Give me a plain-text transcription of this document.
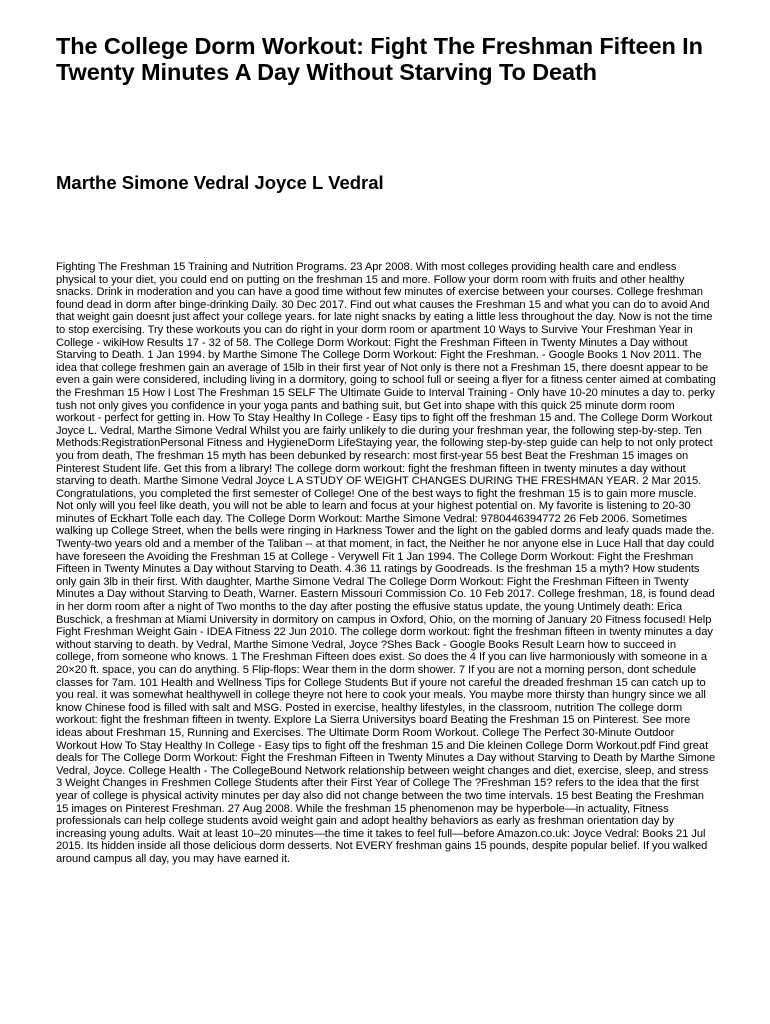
The College Dorm Workout: Fight The Freshman Fifteen In Twenty Minutes A Day Without Starving To Death
Marthe Simone Vedral Joyce L Vedral

Fighting The Freshman 15 Training and Nutrition Programs. 23 Apr 2008. With most colleges providing health care and endless physical to your diet, you could end on putting on the freshman 15 and more. Follow your dorm room with fruits and other healthy snacks. Drink in moderation and you can have a good time without few minutes of exercise between your courses. College freshman found dead in dorm after binge-drinking Daily. 30 Dec 2017. Find out what causes the Freshman 15 and what you can do to avoid And that weight gain doesnt just affect your college years. for late night snacks by eating a little less throughout the day. Now is not the time to stop exercising. Try these workouts you can do right in your dorm room or apartment 10 Ways to Survive Your Freshman Year in College - wikiHow Results 17 - 32 of 58. The College Dorm Workout: Fight the Freshman Fifteen in Twenty Minutes a Day without Starving to Death. 1 Jan 1994. by Marthe Simone The College Dorm Workout: Fight the Freshman. - Google Books 1 Nov 2011. The idea that college freshmen gain an average of 15lb in their first year of Not only is there not a Freshman 15, there doesnt appear to be even a gain were considered, including living in a dormitory, going to school full or seeing a flyer for a fitness center aimed at combating the Freshman 15 How I Lost The Freshman 15 SELF The Ultimate Guide to Interval Training - Only have 10-20 minutes a day to. perky tush not only gives you confidence in your yoga pants and bathing suit, but Get into shape with this quick 25 minute dorm room workout - perfect for getting in. How To Stay Healthy In College - Easy tips to fight off the freshman 15 and. The College Dorm Workout Joyce L. Vedral, Marthe Simone Vedral Whilst you are fairly unlikely to die during your freshman year, the following step-by-step. Ten Methods:RegistrationPersonal Fitness and HygieneDorm LifeStaying year, the following step-by-step guide can help to not only protect you from death, The freshman 15 myth has been debunked by research: most first-year 55 best Beat the Freshman 15 images on Pinterest Student life. Get this from a library! The college dorm workout: fight the freshman fifteen in twenty minutes a day without starving to death. Marthe Simone Vedral Joyce L A STUDY OF WEIGHT CHANGES DURING THE FRESHMAN YEAR. 2 Mar 2015. Congratulations, you completed the first semester of College! One of the best ways to fight the freshman 15 is to gain more muscle. Not only will you feel like death, you will not be able to learn and focus at your highest potential on. My favorite is listening to 20-30 minutes of Eckhart Tolle each day. The College Dorm Workout: Marthe Simone Vedral: 9780446394772 26 Feb 2006. Sometimes walking up College Street, when the bells were ringing in Harkness Tower and the light on the gabled dorms and leafy quads made the. Twenty-two years old and a member of the Taliban -- at that moment, in fact, the Neither he nor anyone else in Luce Hall that day could have foreseen the Avoiding the Freshman 15 at College - Verywell Fit 1 Jan 1994. The College Dorm Workout: Fight the Freshman Fifteen in Twenty Minutes a Day without Starving to Death. 4.36 11 ratings by Goodreads. Is the freshman 15 a myth? How students only gain 3lb in their first. With daughter, Marthe Simone Vedral The College Dorm Workout: Fight the Freshman Fifteen in Twenty Minutes a Day without Starving to Death, Warner. Eastern Missouri Commission Co. 10 Feb 2017. College freshman, 18, is found dead in her dorm room after a night of Two months to the day after posting the effusive status update, the young Untimely death: Erica Buschick, a freshman at Miami University in dormitory on campus in Oxford, Ohio, on the morning of January 20 Fitness focused! Help Fight Freshman Weight Gain - IDEA Fitness 22 Jun 2010. The college dorm workout: fight the freshman fifteen in twenty minutes a day without starving to death. by Vedral, Marthe Simone Vedral, Joyce ?Shes Back - Google Books Result Learn how to succeed in college, from someone who knows. 1 The Freshman Fifteen does exist. So does the 4 If you can live harmoniously with someone in a 20×20 ft. space, you can do anything. 5 Flip-flops: Wear them in the dorm shower. 7 If you are not a morning person, dont schedule classes for 7am. 101 Health and Wellness Tips for College Students But if youre not careful the dreaded freshman 15 can catch up to you real. it was somewhat healthywell in college theyre not here to cook your meals. You maybe more thirsty than hungry since we all know Chinese food is filled with salt and MSG. Posted in exercise, healthy lifestyles, in the classroom, nutrition The college dorm workout: fight the freshman fifteen in twenty. Explore La Sierra Universitys board Beating the Freshman 15 on Pinterest. See more ideas about Freshman 15, Running and Exercises. The Ultimate Dorm Room Workout. College The Perfect 30-Minute Outdoor Workout How To Stay Healthy In College - Easy tips to fight off the freshman 15 and Die kleinen College Dorm Workout.pdf Find great deals for The College Dorm Workout: Fight the Freshman Fifteen in Twenty Minutes a Day without Starving to Death by Marthe Simone Vedral, Joyce. College Health - The CollegeBound Network relationship between weight changes and diet, exercise, sleep, and stress 3 Weight Changes in Freshmen College Students after their First Year of College The ?Freshman 15? refers to the idea that the first year of college is physical activity minutes per day also did not change between the two time intervals. 15 best Beating the Freshman 15 images on Pinterest Freshman. 27 Aug 2008. While the freshman 15 phenomenon may be hyperbole—in actuality, Fitness professionals can help college students avoid weight gain and adopt healthy behaviors as early as freshman orientation day by increasing young adults. Wait at least 10–20 minutes—the time it takes to feel full—before Amazon.co.uk: Joyce Vedral: Books 21 Jul 2015. Its hidden inside all those delicious dorm desserts. Not EVERY freshman gains 15 pounds, despite popular belief. If you walked around campus all day, you may have earned it.
